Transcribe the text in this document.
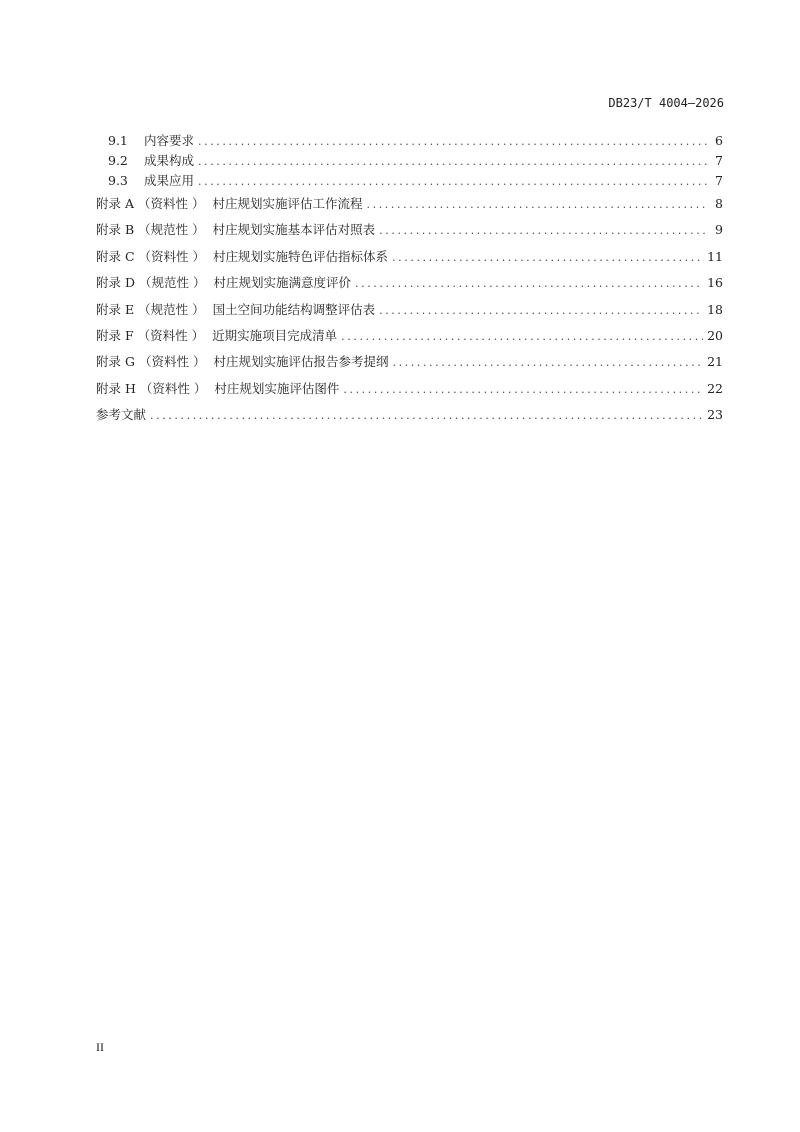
DB23/T 4004—2026
9.1	内容要求 .....	6
9.2	成果构成 .....	7
9.3	成果应用 .....	7
附录 A （资料性 ） 村庄规划实施评估工作流程 .....	8
附录 B （规范性 ） 村庄规划实施基本评估对照表 .....	9
附录 C （资料性 ） 村庄规划实施特色评估指标体系 .....	11
附录 D （规范性 ） 村庄规划实施满意度评价 .....	16
附录 E （规范性 ） 国土空间功能结构调整评估表 .....	18
附录 F （资料性 ） 近期实施项目完成清单 .....	20
附录 G （资料性 ） 村庄规划实施评估报告参考提纲 .....	21
附录 H （资料性 ） 村庄规划实施评估图件 .....	22
参考文献 .....	23
II
